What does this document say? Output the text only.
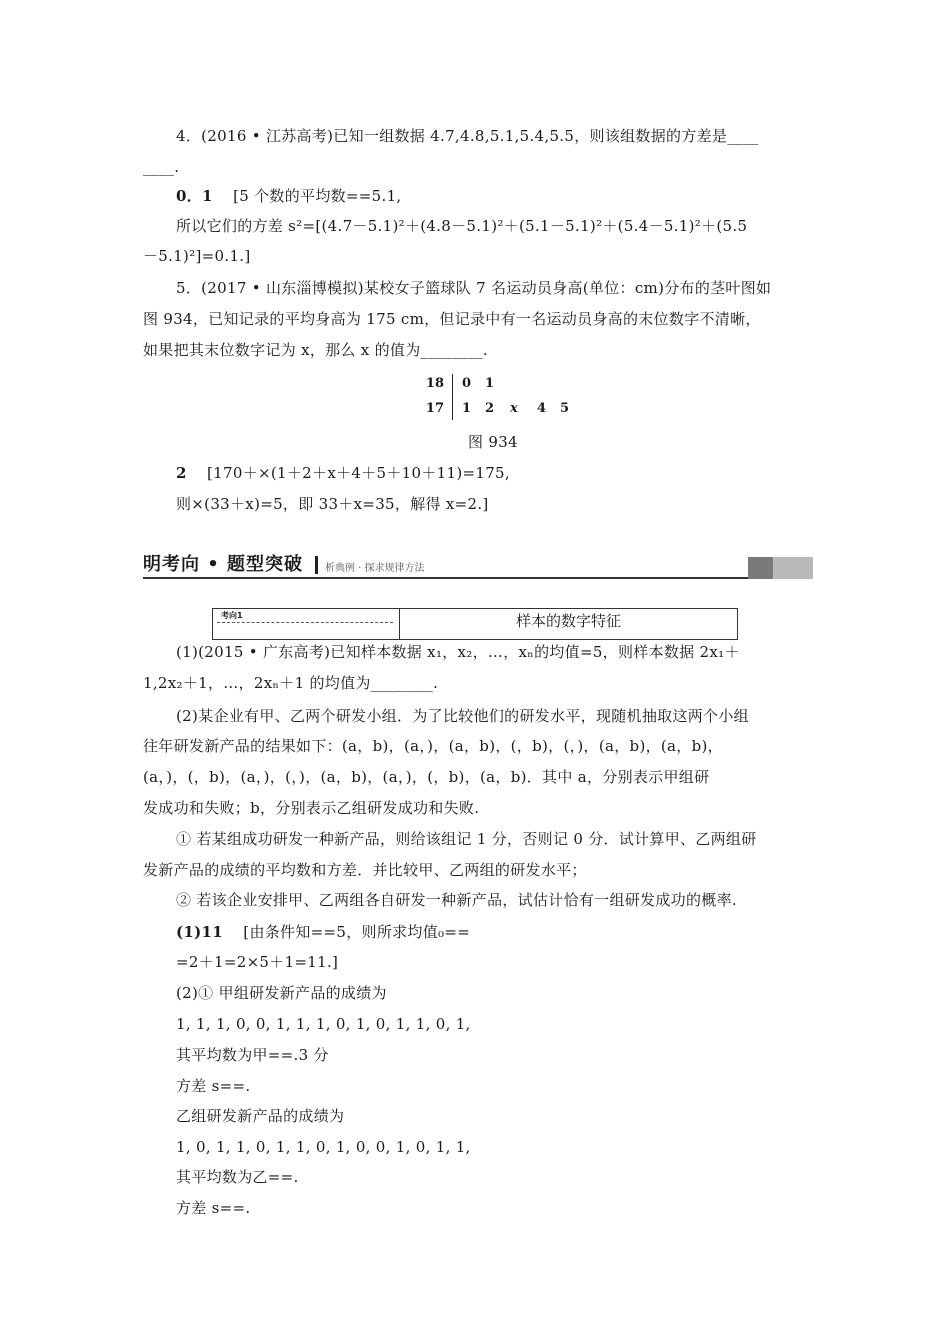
4．(2016 • 江苏高考)已知一组数据 4.7,4.8,5.1,5.4,5.5，则该组数据的方差是____
____.
0．1 [5 个数的平均数==5.1,
所以它们的方差 s²=[(4.7－5.1)²＋(4.8－5.1)²＋(5.1－5.1)²＋(5.4－5.1)²＋(5.5
－5.1)²]=0.1.]
5．(2017 • 山东淄博模拟)某校女子篮球队 7 名运动员身高(单位：cm)分布的茎叶图如
图 934，已知记录的平均身高为 175 cm，但记录中有一名运动员身高的末位数字不清晰，
如果把其末位数字记为 x，那么 x 的值为________.
18 0 1
17 1 2 x 4 5
图 934
2 [170＋×(1＋2＋x＋4＋5＋10＋11)=175,
则×(33＋x)=5，即 33＋x=35，解得 x=2.]
明考向 • 题型突破 析典例 · 探求规律方法
考向1	样本的数字特征
(1)(2015 • 广东高考)已知样本数据 x₁，x₂，…，xₙ的均值=5，则样本数据 2x₁＋
1,2x₂＋1，…，2xₙ＋1 的均值为________.
(2)某企业有甲、乙两个研发小组．为了比较他们的研发水平，现随机抽取这两个小组
往年研发新产品的结果如下：(a，b)，(a，)，(a，b)，(，b)，(，)，(a，b)，(a，b)，
(a，)，(，b)，(a，)，(，)，(a，b)，(a，)，(，b)，(a，b)．其中 a，分别表示甲组研
发成功和失败；b，分别表示乙组研发成功和失败.
① 若某组成功研发一种新产品，则给该组记 1 分，否则记 0 分．试计算甲、乙两组研
发新产品的成绩的平均数和方差．并比较甲、乙两组的研发水平；
② 若该企业安排甲、乙两组各自研发一种新产品，试估计恰有一组研发成功的概率.
(1)11 [由条件知==5，则所求均值₀==
=2＋1=2×5＋1=11.]
(2)① 甲组研发新产品的成绩为
1, 1, 1, 0, 0, 1, 1, 1, 0, 1, 0, 1, 1, 0, 1,
其平均数为甲==.3 分
方差 s==.
乙组研发新产品的成绩为
1, 0, 1, 1, 0, 1, 1, 0, 1, 0, 0, 1, 0, 1, 1,
其平均数为乙==.
方差 s==.
